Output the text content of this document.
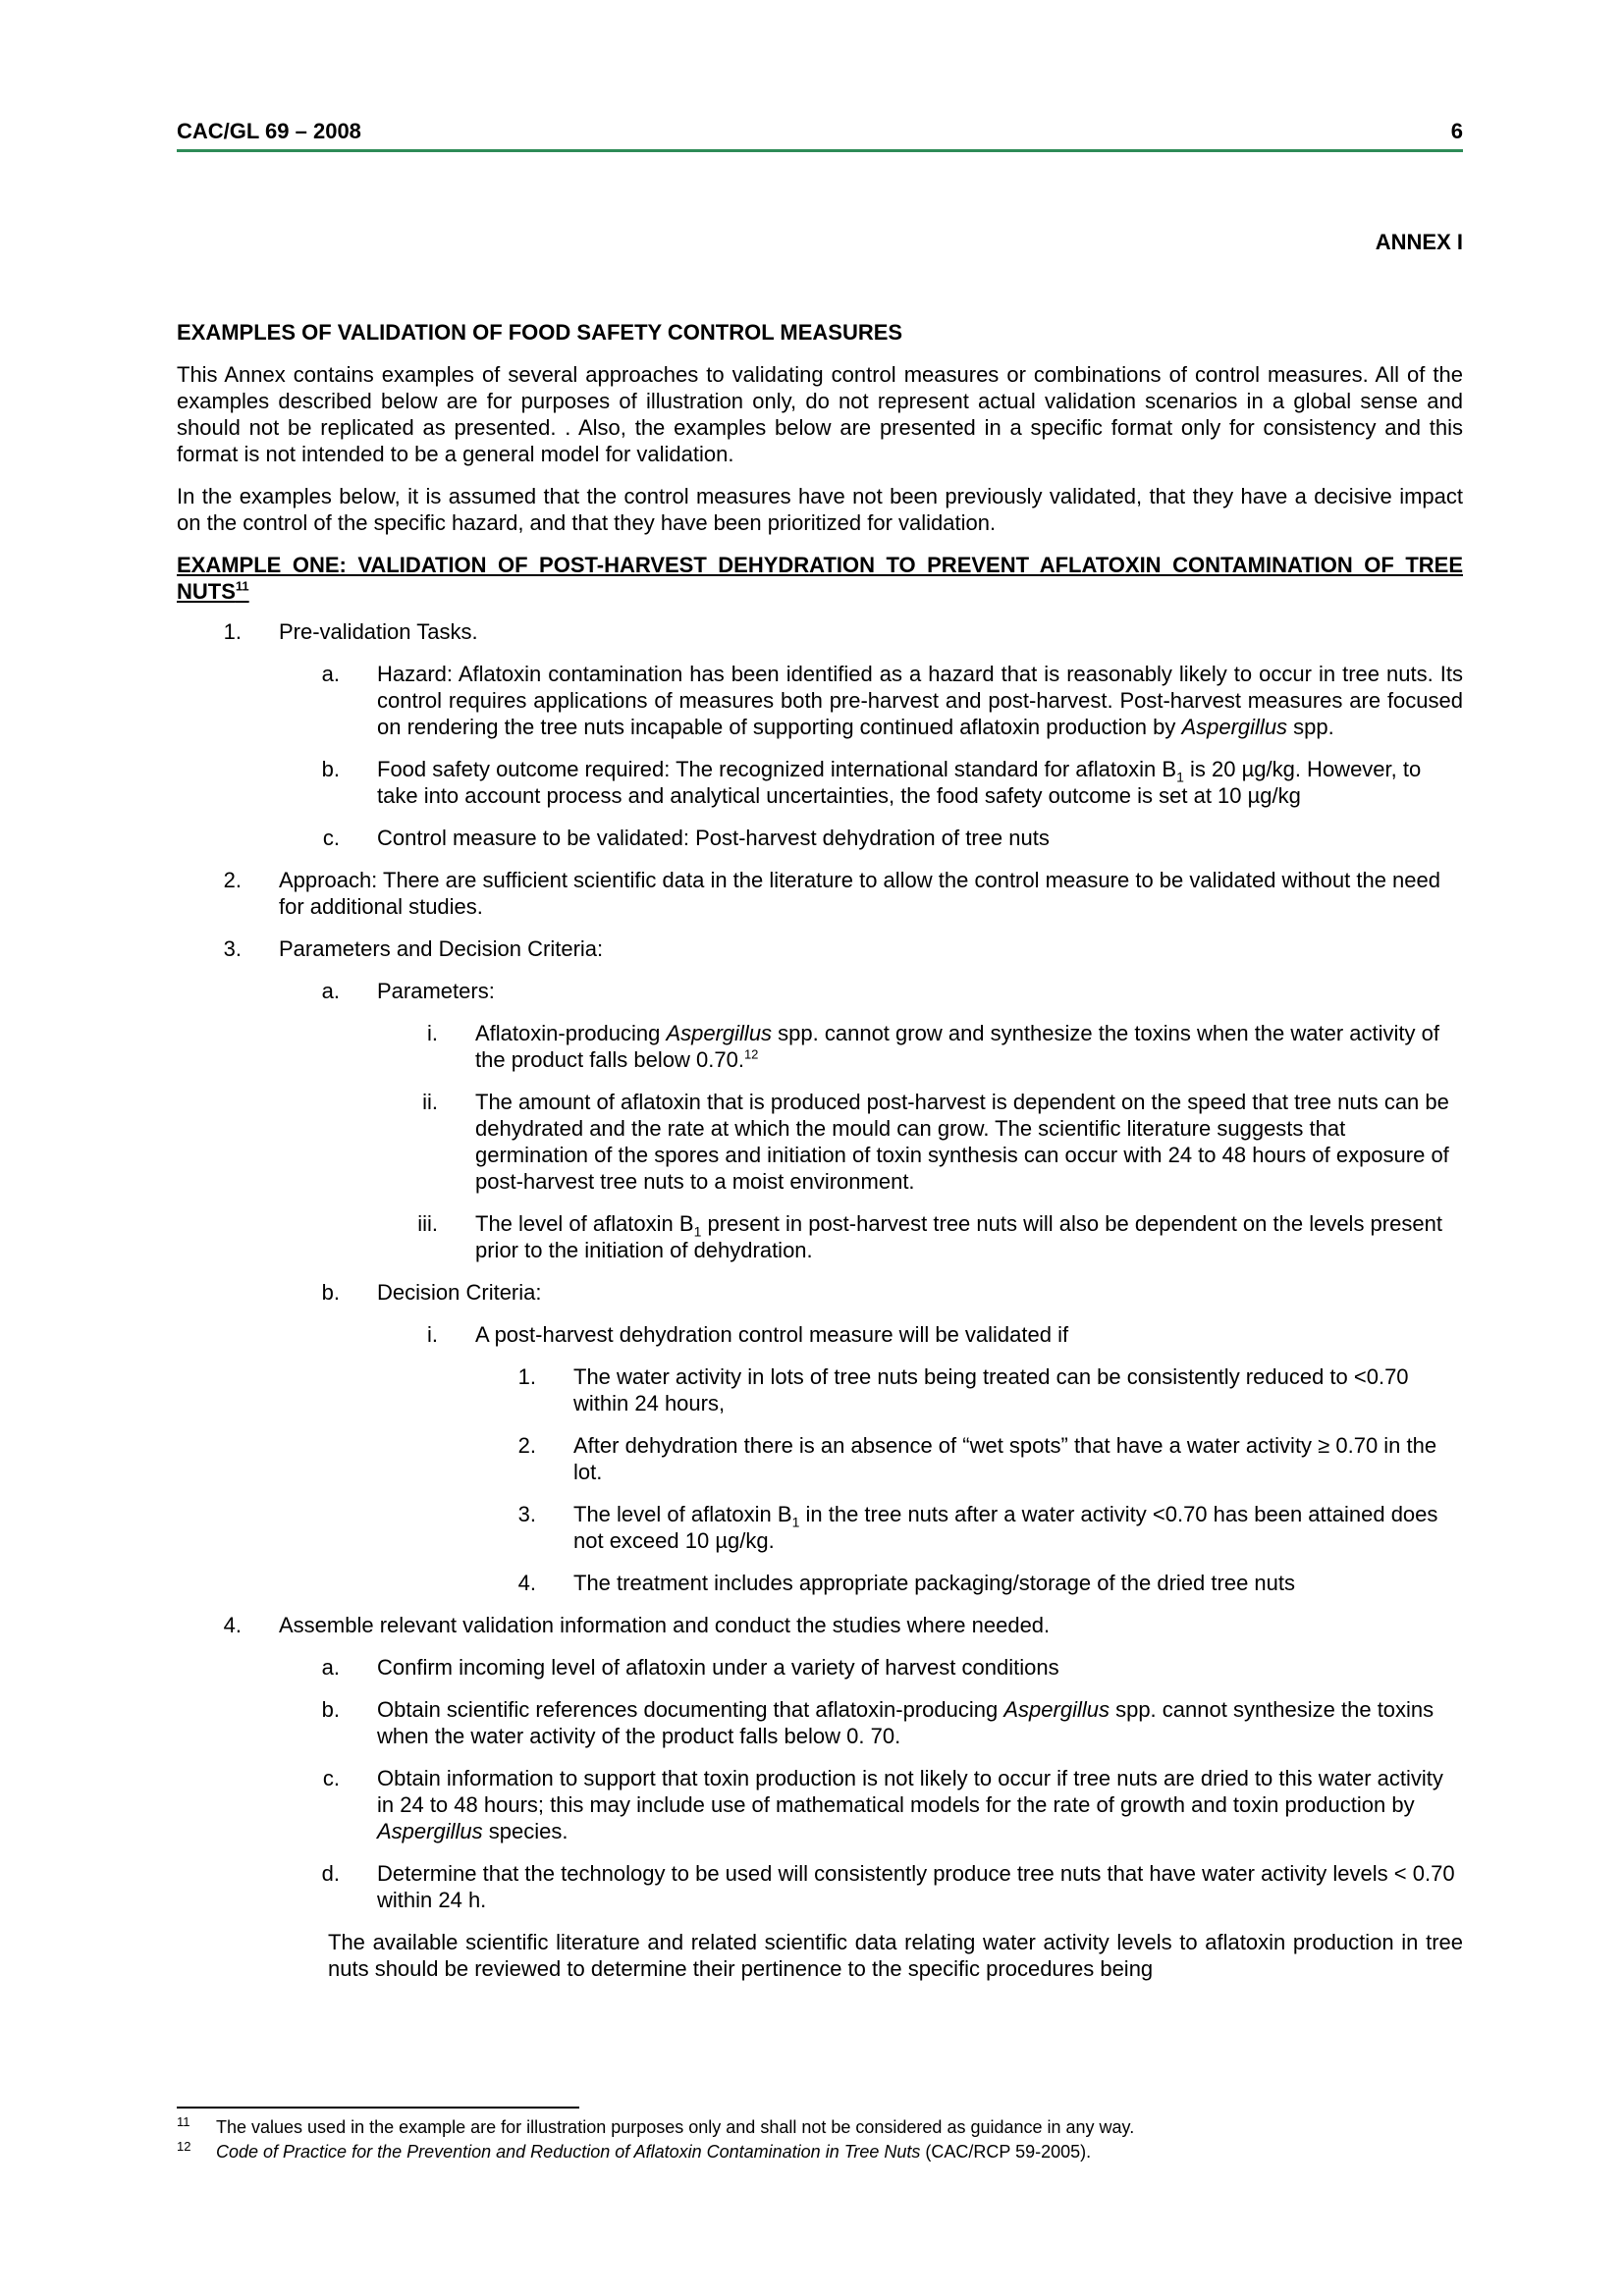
CAC/GL 69 – 2008	6
ANNEX I
EXAMPLES OF VALIDATION OF FOOD SAFETY CONTROL MEASURES

This Annex contains examples of several approaches to validating control measures or combinations of control measures. All of the examples described below are for purposes of illustration only, do not represent actual validation scenarios in a global sense and should not be replicated as presented. . Also, the examples below are presented in a specific format only for consistency and this format is not intended to be a general model for validation.

In the examples below, it is assumed that the control measures have not been previously validated, that they have a decisive impact on the control of the specific hazard, and that they have been prioritized for validation.

EXAMPLE ONE: VALIDATION OF POST-HARVEST DEHYDRATION TO PREVENT AFLATOXIN CONTAMINATION OF TREE NUTS$^{11}$
1. Pre-validation Tasks.
a. Hazard: Aflatoxin contamination has been identified as a hazard that is reasonably likely to occur in tree nuts. Its control requires applications of measures both pre-harvest and post-harvest. Post-harvest measures are focused on rendering the tree nuts incapable of supporting continued aflatoxin production by Aspergillus spp.
b. Food safety outcome required: The recognized international standard for aflatoxin $B_1$ is 20 µg/kg. However, to take into account process and analytical uncertainties, the food safety outcome is set at 10 µg/kg
c. Control measure to be validated: Post-harvest dehydration of tree nuts
2. Approach: There are sufficient scientific data in the literature to allow the control measure to be validated without the need for additional studies.
3. Parameters and Decision Criteria:
a. Parameters:
i. Aflatoxin-producing Aspergillus spp. cannot grow and synthesize the toxins when the water activity of the product falls below 0.70.12
ii. The amount of aflatoxin that is produced post-harvest is dependent on the speed that tree nuts can be dehydrated and the rate at which the mould can grow. The scientific literature suggests that germination of the spores and initiation of toxin synthesis can occur with 24 to 48 hours of exposure of post-harvest tree nuts to a moist environment.
iii. The level of aflatoxin $B_1$ present in post-harvest tree nuts will also be dependent on the levels present prior to the initiation of dehydration.
b. Decision Criteria:
i. A post-harvest dehydration control measure will be validated if
1. The water activity in lots of tree nuts being treated can be consistently reduced to <0.70 within 24 hours,
2. After dehydration there is an absence of “wet spots” that have a water activity ≥ 0.70 in the lot.
3. The level of aflatoxin $B_1$ in the tree nuts after a water activity <0.70 has been attained does not exceed 10 µg/kg.
4. The treatment includes appropriate packaging/storage of the dried tree nuts
4. Assemble relevant validation information and conduct the studies where needed.
a. Confirm incoming level of aflatoxin under a variety of harvest conditions
b. Obtain scientific references documenting that aflatoxin-producing Aspergillus spp. cannot synthesize the toxins when the water activity of the product falls below 0. 70.
c. Obtain information to support that toxin production is not likely to occur if tree nuts are dried to this water activity in 24 to 48 hours; this may include use of mathematical models for the rate of growth and toxin production by Aspergillus species.
d. Determine that the technology to be used will consistently produce tree nuts that have water activity levels < 0.70 within 24 h.

The available scientific literature and related scientific data relating water activity levels to aflatoxin production in tree nuts should be reviewed to determine their pertinence to the specific procedures being

11 The values used in the example are for illustration purposes only and shall not be considered as guidance in any way.
12 Code of Practice for the Prevention and Reduction of Aflatoxin Contamination in Tree Nuts (CAC/RCP 59-2005).
